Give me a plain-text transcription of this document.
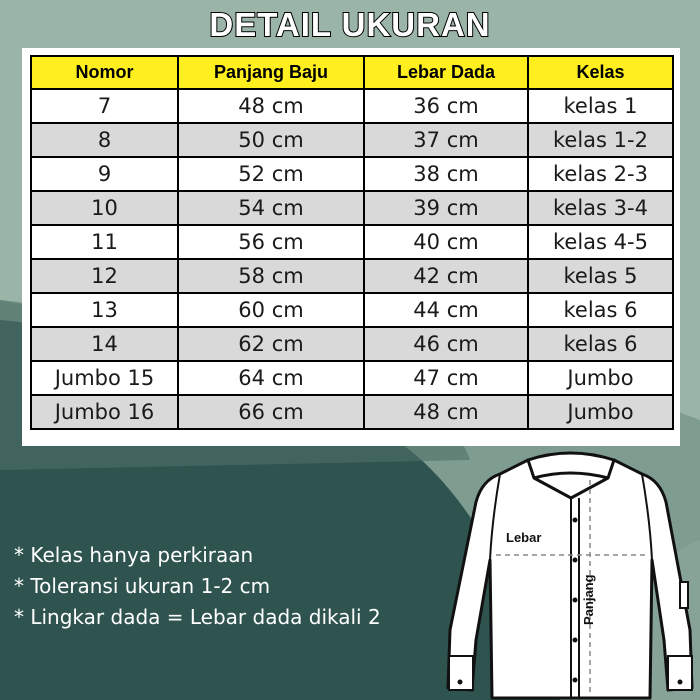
DETAIL UKURAN
Nomor	Panjang Baju	Lebar Dada	Kelas
7	48 cm	36 cm	kelas 1
8	50 cm	37 cm	kelas 1-2
9	52 cm	38 cm	kelas 2-3
10	54 cm	39 cm	kelas 3-4
11	56 cm	40 cm	kelas 4-5
12	58 cm	42 cm	kelas 5
13	60 cm	44 cm	kelas 6
14	62 cm	46 cm	kelas 6
Jumbo 15	64 cm	47 cm	Jumbo
Jumbo 16	66 cm	48 cm	Jumbo
* Kelas hanya perkiraan
* Toleransi ukuran 1-2 cm
* Lingkar dada = Lebar dada dikali 2
Lebar
Panjang
